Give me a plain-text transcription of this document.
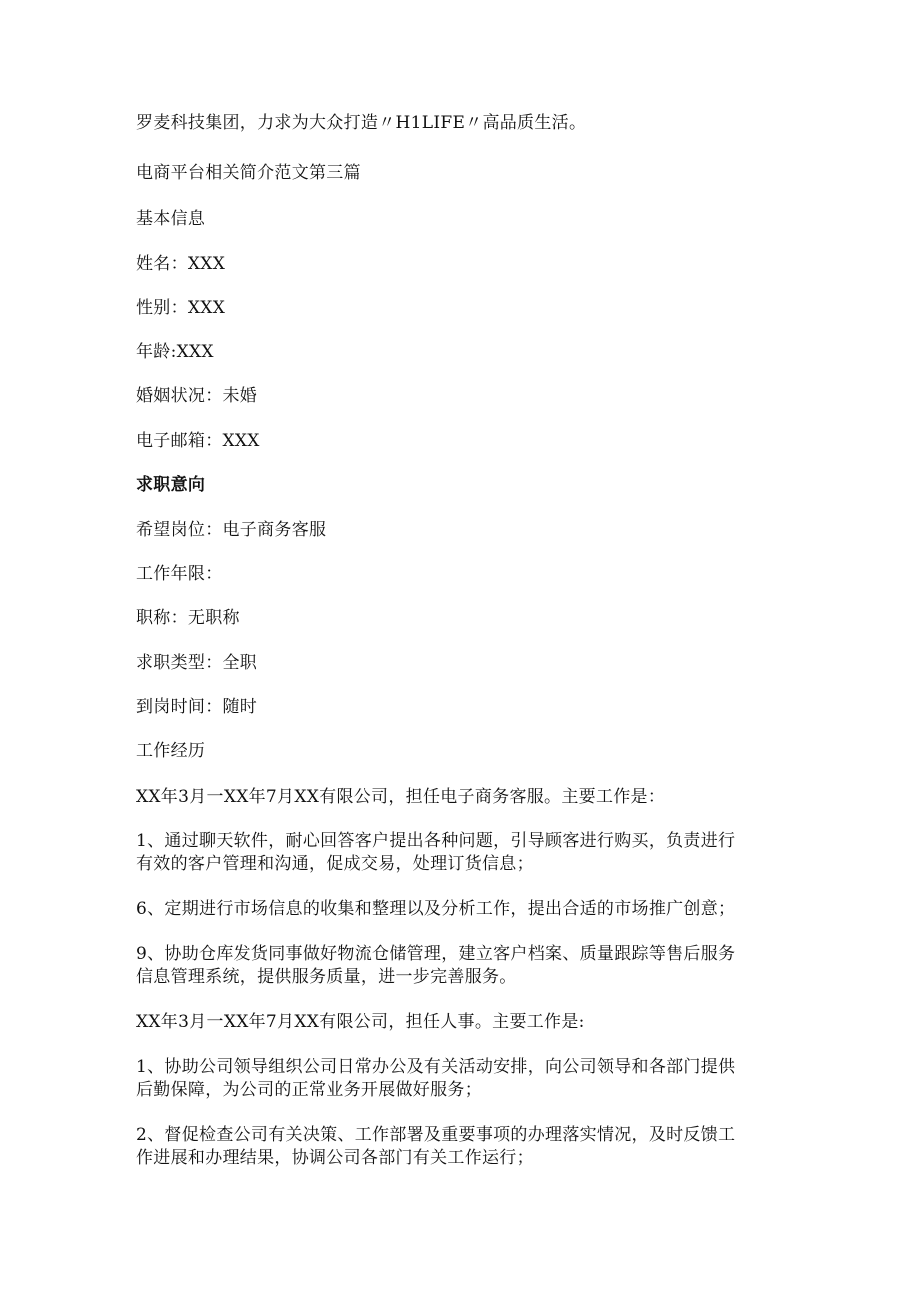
罗麦科技集团，力求为大众打造〃H1LIFE〃高品质生活。
电商平台相关简介范文第三篇
基本信息
姓名：XXX
性别：XXX
年龄:XXX
婚姻状况：未婚
电子邮箱：XXX
求职意向
希望岗位：电子商务客服
工作年限：
职称：无职称
求职类型：全职
到岗时间：随时
工作经历
XX年3月一XX年7月XX有限公司，担任电子商务客服。主要工作是：
1、通过聊天软件，耐心回答客户提出各种问题，引导顾客进行购买，负责进行
有效的客户管理和沟通，促成交易，处理订货信息；
6、定期进行市场信息的收集和整理以及分析工作，提出合适的市场推广创意；
9、协助仓库发货同事做好物流仓储管理，建立客户档案、质量跟踪等售后服务
信息管理系统，提供服务质量，进一步完善服务。
XX年3月一XX年7月XX有限公司，担任人事。主要工作是:
1、协助公司领导组织公司日常办公及有关活动安排，向公司领导和各部门提供
后勤保障，为公司的正常业务开展做好服务；
2、督促检查公司有关决策、工作部署及重要事项的办理落实情况，及时反馈工
作进展和办理结果，协调公司各部门有关工作运行；
